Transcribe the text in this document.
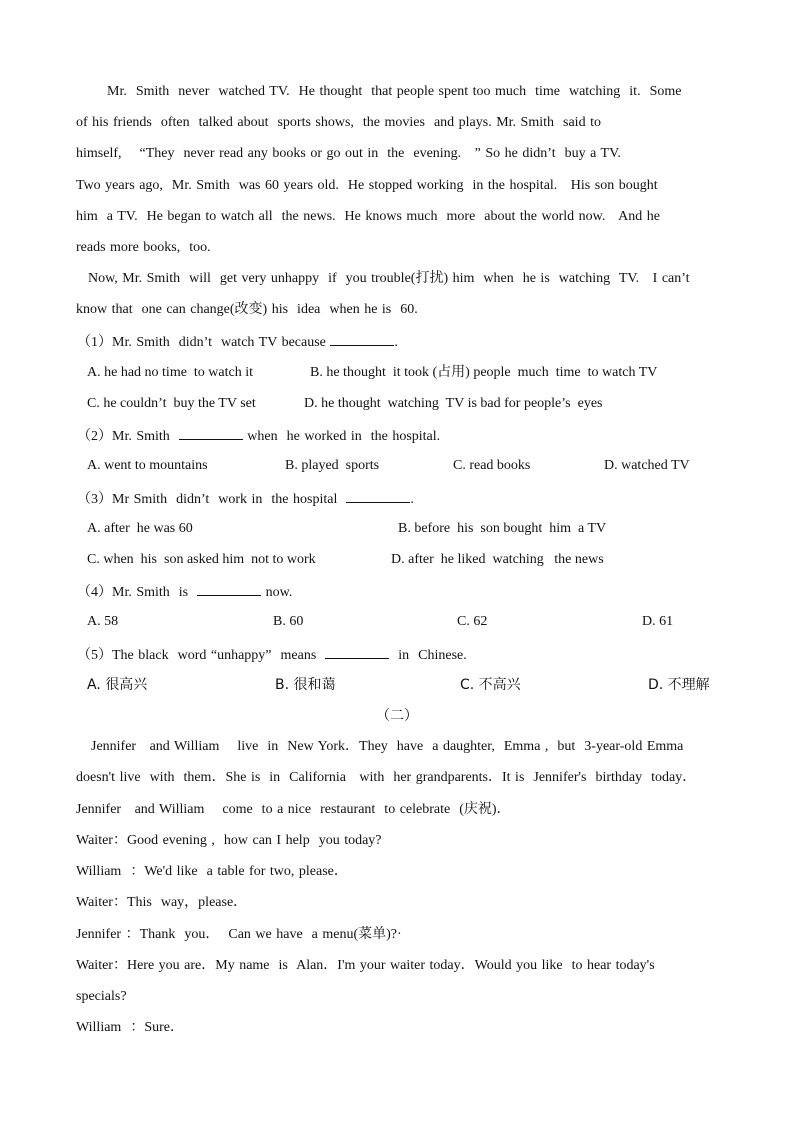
Mr.  Smith  never  watched TV.  He thought  that people spent too much  time  watching  it.  Some
of his friends  often  talked about  sports shows,  the movies  and plays. Mr. Smith  said to
himself,    “They  never read any books or go out in  the  evening.   ” So he didn’t  buy a TV.
Two years ago,  Mr. Smith  was 60 years old.  He stopped working  in the hospital.   His son bought
him  a TV.  He began to watch all  the news.  He knows much  more  about the world now.   And he
reads more books,  too.
Now, Mr. Smith  will  get very unhappy  if  you trouble(打扰) him  when  he is  watching  TV.   I can’t
know that  one can change(改变) his  idea  when he is  60.
（1）Mr. Smith  didn’t  watch TV because	.
A. he had no time  to watch it	B. he thought  it took (占用) people  much  time  to watch TV
C. he couldn’t  buy the TV set	D. he thought  watching  TV is bad for people’s  eyes
（2）Mr. Smith	when  he worked in  the hospital.
A. went to mountains	B. played  sports	C. read books	D. watched TV
（3）Mr Smith  didn’t  work in  the hospital	.
A. after  he was 60	B. before  his  son bought  him  a TV
C. when  his  son asked him  not to work	D. after  he liked  watching   the news
（4）Mr. Smith  is	now.
A. 58	B. 60	C. 62	D. 61
（5）The black  word “unhappy”  means	in  Chinese.
A. 很高兴	B. 很和蔼	C. 不高兴	D. 不理解
（二）
Jennifer   and William    live  in  New York．They  have  a daughter,  Emma ,  but  3-year-old Emma
doesn't live  with  them．She is  in  California   with  her grandparents．It is  Jennifer's  birthday  today．
Jennifer   and William    come  to a nice  restaurant  to celebrate  (庆祝)．
Waiter：Good evening ,  how can I help  you today?
William  ：We'd like  a table for two, please．
Waiter：This  way，please．
Jennifer ：Thank  you．  Can we have  a menu(菜单)?·
Waiter：Here you are．My name  is  Alan．I'm your waiter today．Would you like  to hear today's
specials?
William  ：Sure．
